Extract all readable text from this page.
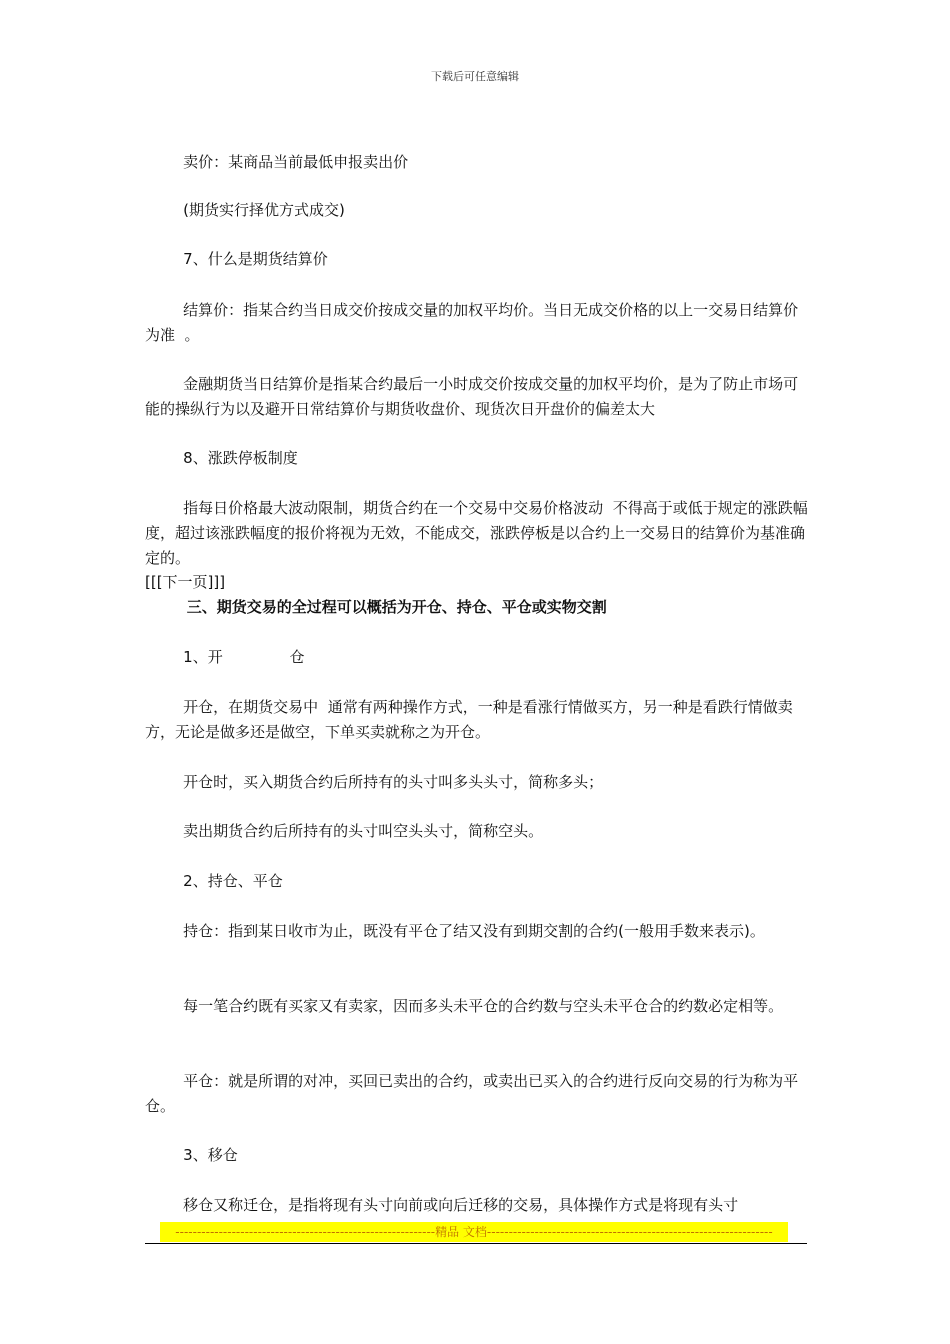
下载后可任意编辑

卖价：某商品当前最低申报卖出价

(期货实行择优方式成交)

7、什么是期货结算价

结算价：指某合约当日成交价按成交量的加权平均价。当日无成交价格的以上一交易日结算价为准  。

金融期货当日结算价是指某合约最后一小时成交价按成交量的加权平均价，是为了防止市场可能的操纵行为以及避开日常结算价与期货收盘价、现货次日开盘价的偏差太大

8、涨跌停板制度

指每日价格最大波动限制，期货合约在一个交易中交易价格波动  不得高于或低于规定的涨跌幅度，超过该涨跌幅度的报价将视为无效，不能成交，涨跌停板是以合约上一交易日的结算价为基准确定的。

[[[下一页]]]

三、期货交易的全过程可以概括为开仓、持仓、平仓或实物交割

1、开              仓

开仓，在期货交易中  通常有两种操作方式，一种是看涨行情做买方，另一种是看跌行情做卖方，无论是做多还是做空，下单买卖就称之为开仓。

开仓时，买入期货合约后所持有的头寸叫多头头寸，简称多头；

卖出期货合约后所持有的头寸叫空头头寸，简称空头。

2、持仓、平仓

持仓：指到某日收市为止，既没有平仓了结又没有到期交割的合约(一般用手数来表示)。

每一笔合约既有买家又有卖家，因而多头未平仓的合约数与空头未平仓合的约数必定相等。

平仓：就是所谓的对冲，买回已卖出的合约，或卖出已买入的合约进行反向交易的行为称为平仓。

3、移仓

移仓又称迁仓，是指将现有头寸向前或向后迁移的交易，具体操作方式是将现有头寸

------------------------------------------------------------精品 文档------------------------------------------------------------------
